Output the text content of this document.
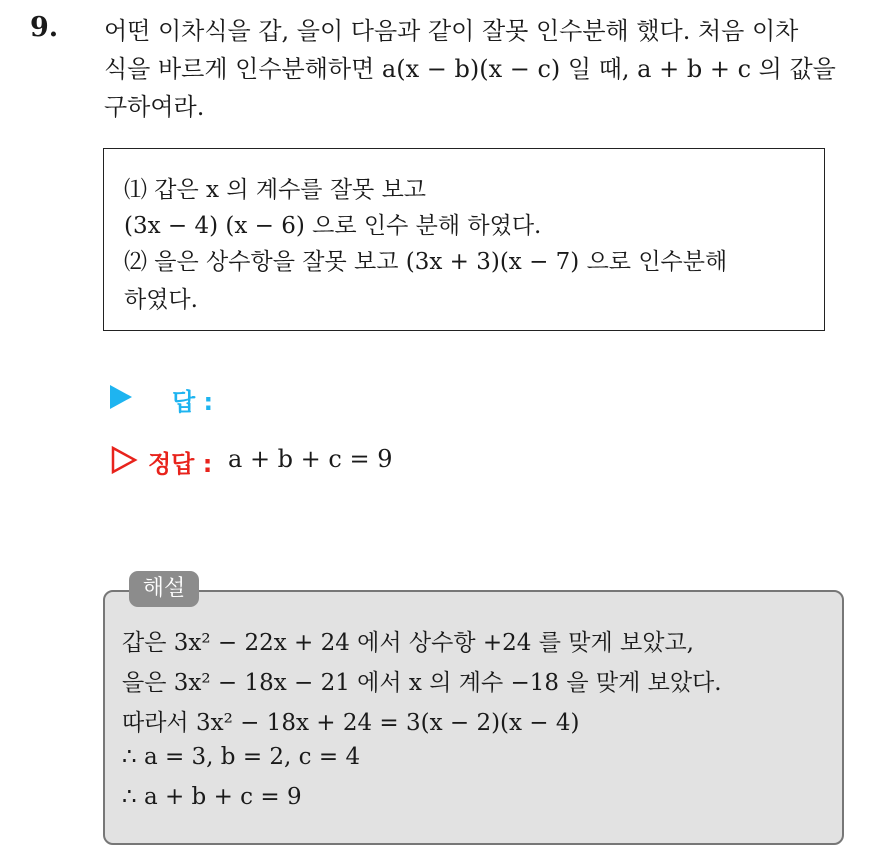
9. 어떤 이차식을 갑, 을이 다음과 같이 잘못 인수분해 했다. 처음 이차
식을 바르게 인수분해하면 a(x − b)(x − c) 일 때, a + b + c 의 값을
구하여라.
⑴ 갑은 x 의 계수를 잘못 보고
(3x − 4) (x − 6) 으로 인수 분해 하였다.
⑵ 을은 상수항을 잘못 보고 (3x + 3)(x − 7) 으로 인수분해
하였다.
답 :
정답 : a + b + c = 9
해설
갑은 3x² − 22x + 24 에서 상수항 +24 를 맞게 보았고,
을은 3x² − 18x − 21 에서 x 의 계수 −18 을 맞게 보았다.
따라서 3x² − 18x + 24 = 3(x − 2)(x − 4)
∴ a = 3, b = 2, c = 4
∴ a + b + c = 9
